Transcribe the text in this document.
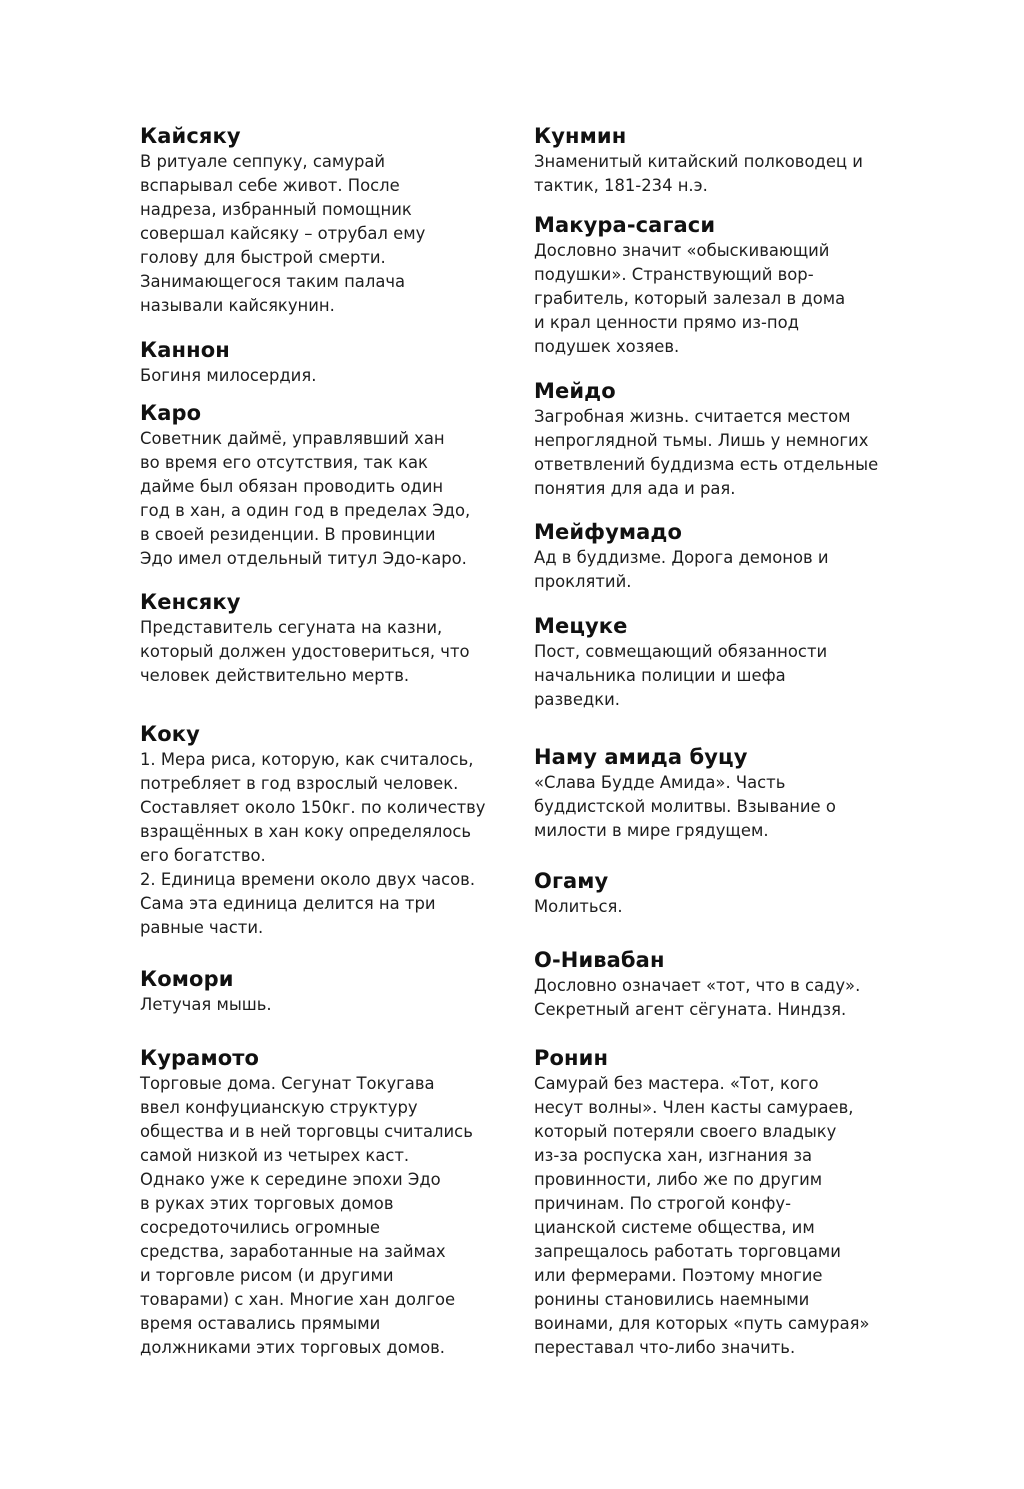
Кайсяку

В ритуале сеппуку, самурай
вспарывал себе живот. После
надреза, избранный помощник
совершал кайсяку – отрубал ему
голову для быстрой смерти.
Занимающегося таким палача
называли кайсякунин.

Каннон

Богиня милосердия.

Каро

Советник даймё, управлявший хан
во время его отсутствия, так как
дайме был обязан проводить один
год в хан, а один год в пределах Эдо,
в своей резиденции. В провинции
Эдо имел отдельный титул Эдо-каро.

Кенсяку

Представитель сегуната на казни,
который должен удостовериться, что
человек действительно мертв.

Коку

1. Мера риса, которую, как считалось,
потребляет в год взрослый человек.
Составляет около 150кг. по количеству
взращённых в хан коку определялось
его богатство.
2. Единица времени около двух часов.
Сама эта единица делится на три
равные части.

Комори

Летучая мышь.

Курамото

Торговые дома. Сегунат Токугава
ввел конфуцианскую структуру
общества и в ней торговцы считались
самой низкой из четырех каст.
Однако уже к середине эпохи Эдо
в руках этих торговых домов
сосредоточились огромные
средства, заработанные на займах
и торговле рисом (и другими
товарами) с хан. Многие хан долгое
время оставались прямыми
должниками этих торговых домов.

Кунмин

Знаменитый китайский полководец и
тактик, 181-234 н.э.

Макура-сагаси

Дословно значит «обыскивающий
подушки». Странствующий вор-
грабитель, который залезал в дома
и крал ценности прямо из-под
подушек хозяев.

Мейдо

Загробная жизнь. считается местом
непроглядной тьмы. Лишь у немногих
ответвлений буддизма есть отдельные
понятия для ада и рая.

Мейфумадо

Ад в буддизме. Дорога демонов и
проклятий.

Мецуке

Пост, совмещающий обязанности
начальника полиции и шефа
разведки.

Наму амида буцу

«Слава Будде Амида». Часть
буддистской молитвы. Взывание о
милости в мире грядущем.

Огаму

Молиться.

О-Нивабан

Дословно означает «тот, что в саду».
Секретный агент сёгуната. Ниндзя.

Ронин

Самурай без мастера. «Тот, кого
несут волны». Член касты самураев,
который потеряли своего владыку
из-за роспуска хан, изгнания за
провинности, либо же по другим
причинам. По строгой конфу-
цианской системе общества, им
запрещалось работать торговцами
или фермерами. Поэтому многие
ронины становились наемными
воинами, для которых «путь самурая»
переставал что-либо значить.
